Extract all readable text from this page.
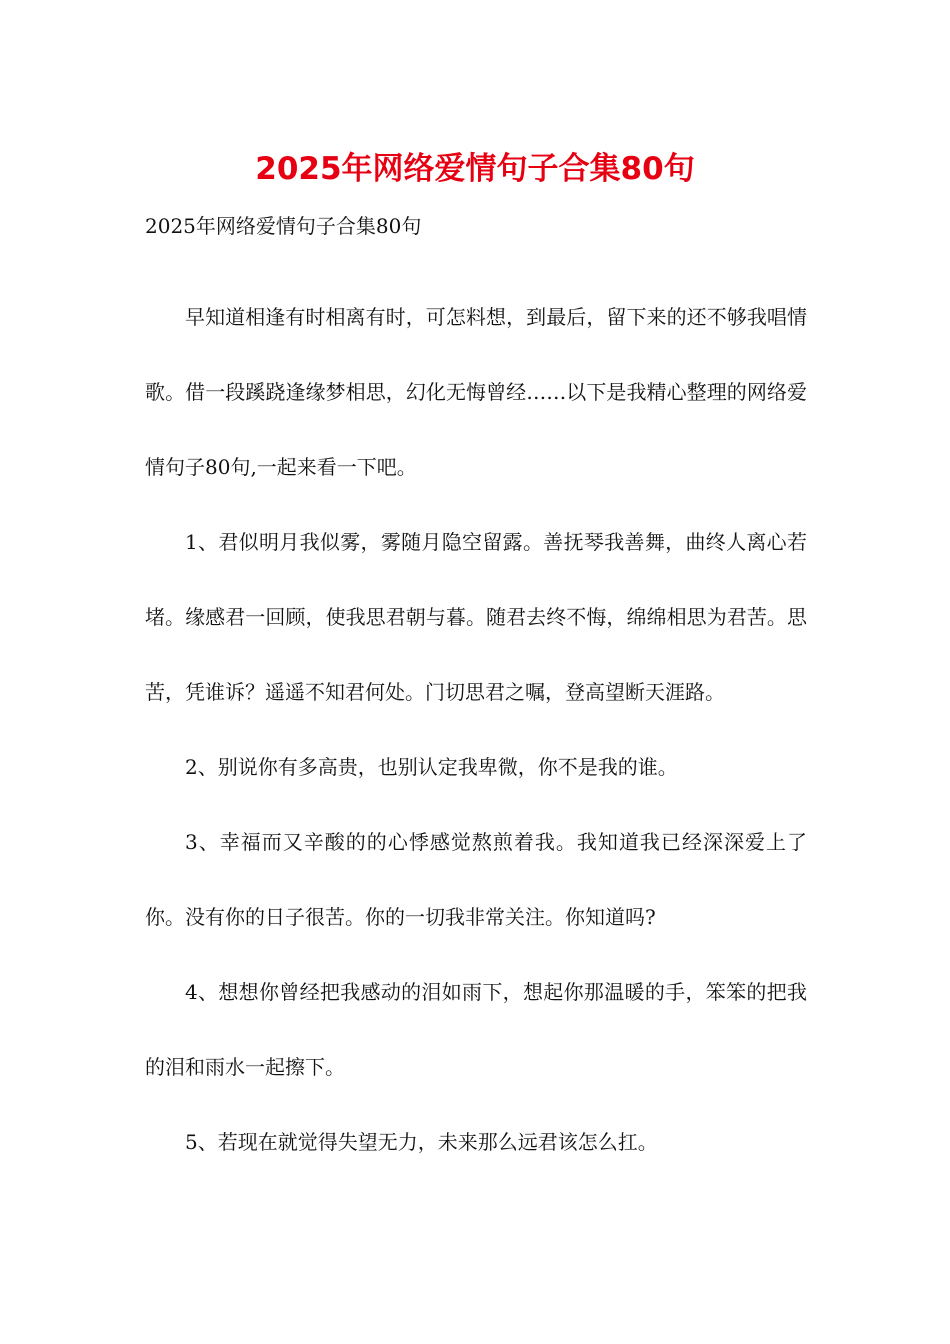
2025年网络爱情句子合集80句

2025年网络爱情句子合集80句

早知道相逢有时相离有时，可怎料想，到最后，留下来的还不够我唱情歌。借一段蹊跷逢缘梦相思，幻化无悔曾经……以下是我精心整理的网络爱情句子80句,一起来看一下吧。

1、君似明月我似雾，雾随月隐空留露。善抚琴我善舞，曲终人离心若堵。缘感君一回顾，使我思君朝与暮。随君去终不悔，绵绵相思为君苦。思苦，凭谁诉？遥遥不知君何处。门切思君之嘱，登高望断天涯路。

2、别说你有多高贵，也别认定我卑微，你不是我的谁。

3、幸福而又辛酸的的心悸感觉熬煎着我。我知道我已经深深爱上了你。没有你的日子很苦。你的一切我非常关注。你知道吗?

4、想想你曾经把我感动的泪如雨下，想起你那温暖的手，笨笨的把我的泪和雨水一起擦下。

5、若现在就觉得失望无力，未来那么远君该怎么扛。
